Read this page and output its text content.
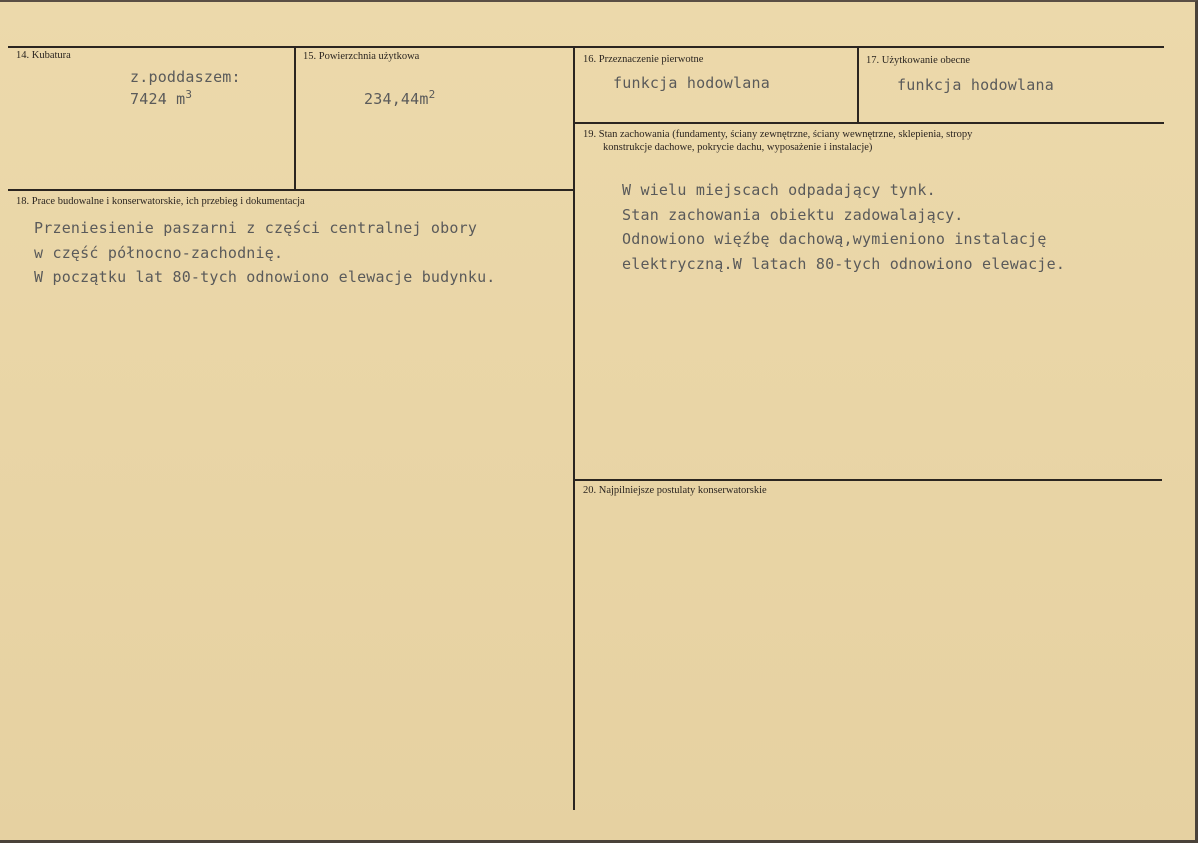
14. Kubatura
z.poddaszem:
7424 $m^3$
15. Powierzchnia użytkowa
$234,44m^2$
16. Przeznaczenie pierwotne
funkcja hodowlana
17. Użytkowanie obecne
funkcja hodowlana
18. Prace budowalne i konserwatorskie, ich przebieg i dokumentacja
Przeniesienie paszarni z części centralnej obory
w część północno-zachodnię.
W początku lat 80-tych odnowiono elewacje budynku.
19. Stan zachowania (fundamenty, ściany zewnętrzne, ściany wewnętrzne, sklepienia, stropy
konstrukcje dachowe, pokrycie dachu, wyposażenie i instalacje)
W wielu miejscach odpadający tynk.
Stan zachowania obiektu zadowalający.
Odnowiono więźbę dachową,wymieniono instalację
elektryczną.W latach 80-tych odnowiono elewacje.
20. Najpilniejsze postulaty konserwatorskie
